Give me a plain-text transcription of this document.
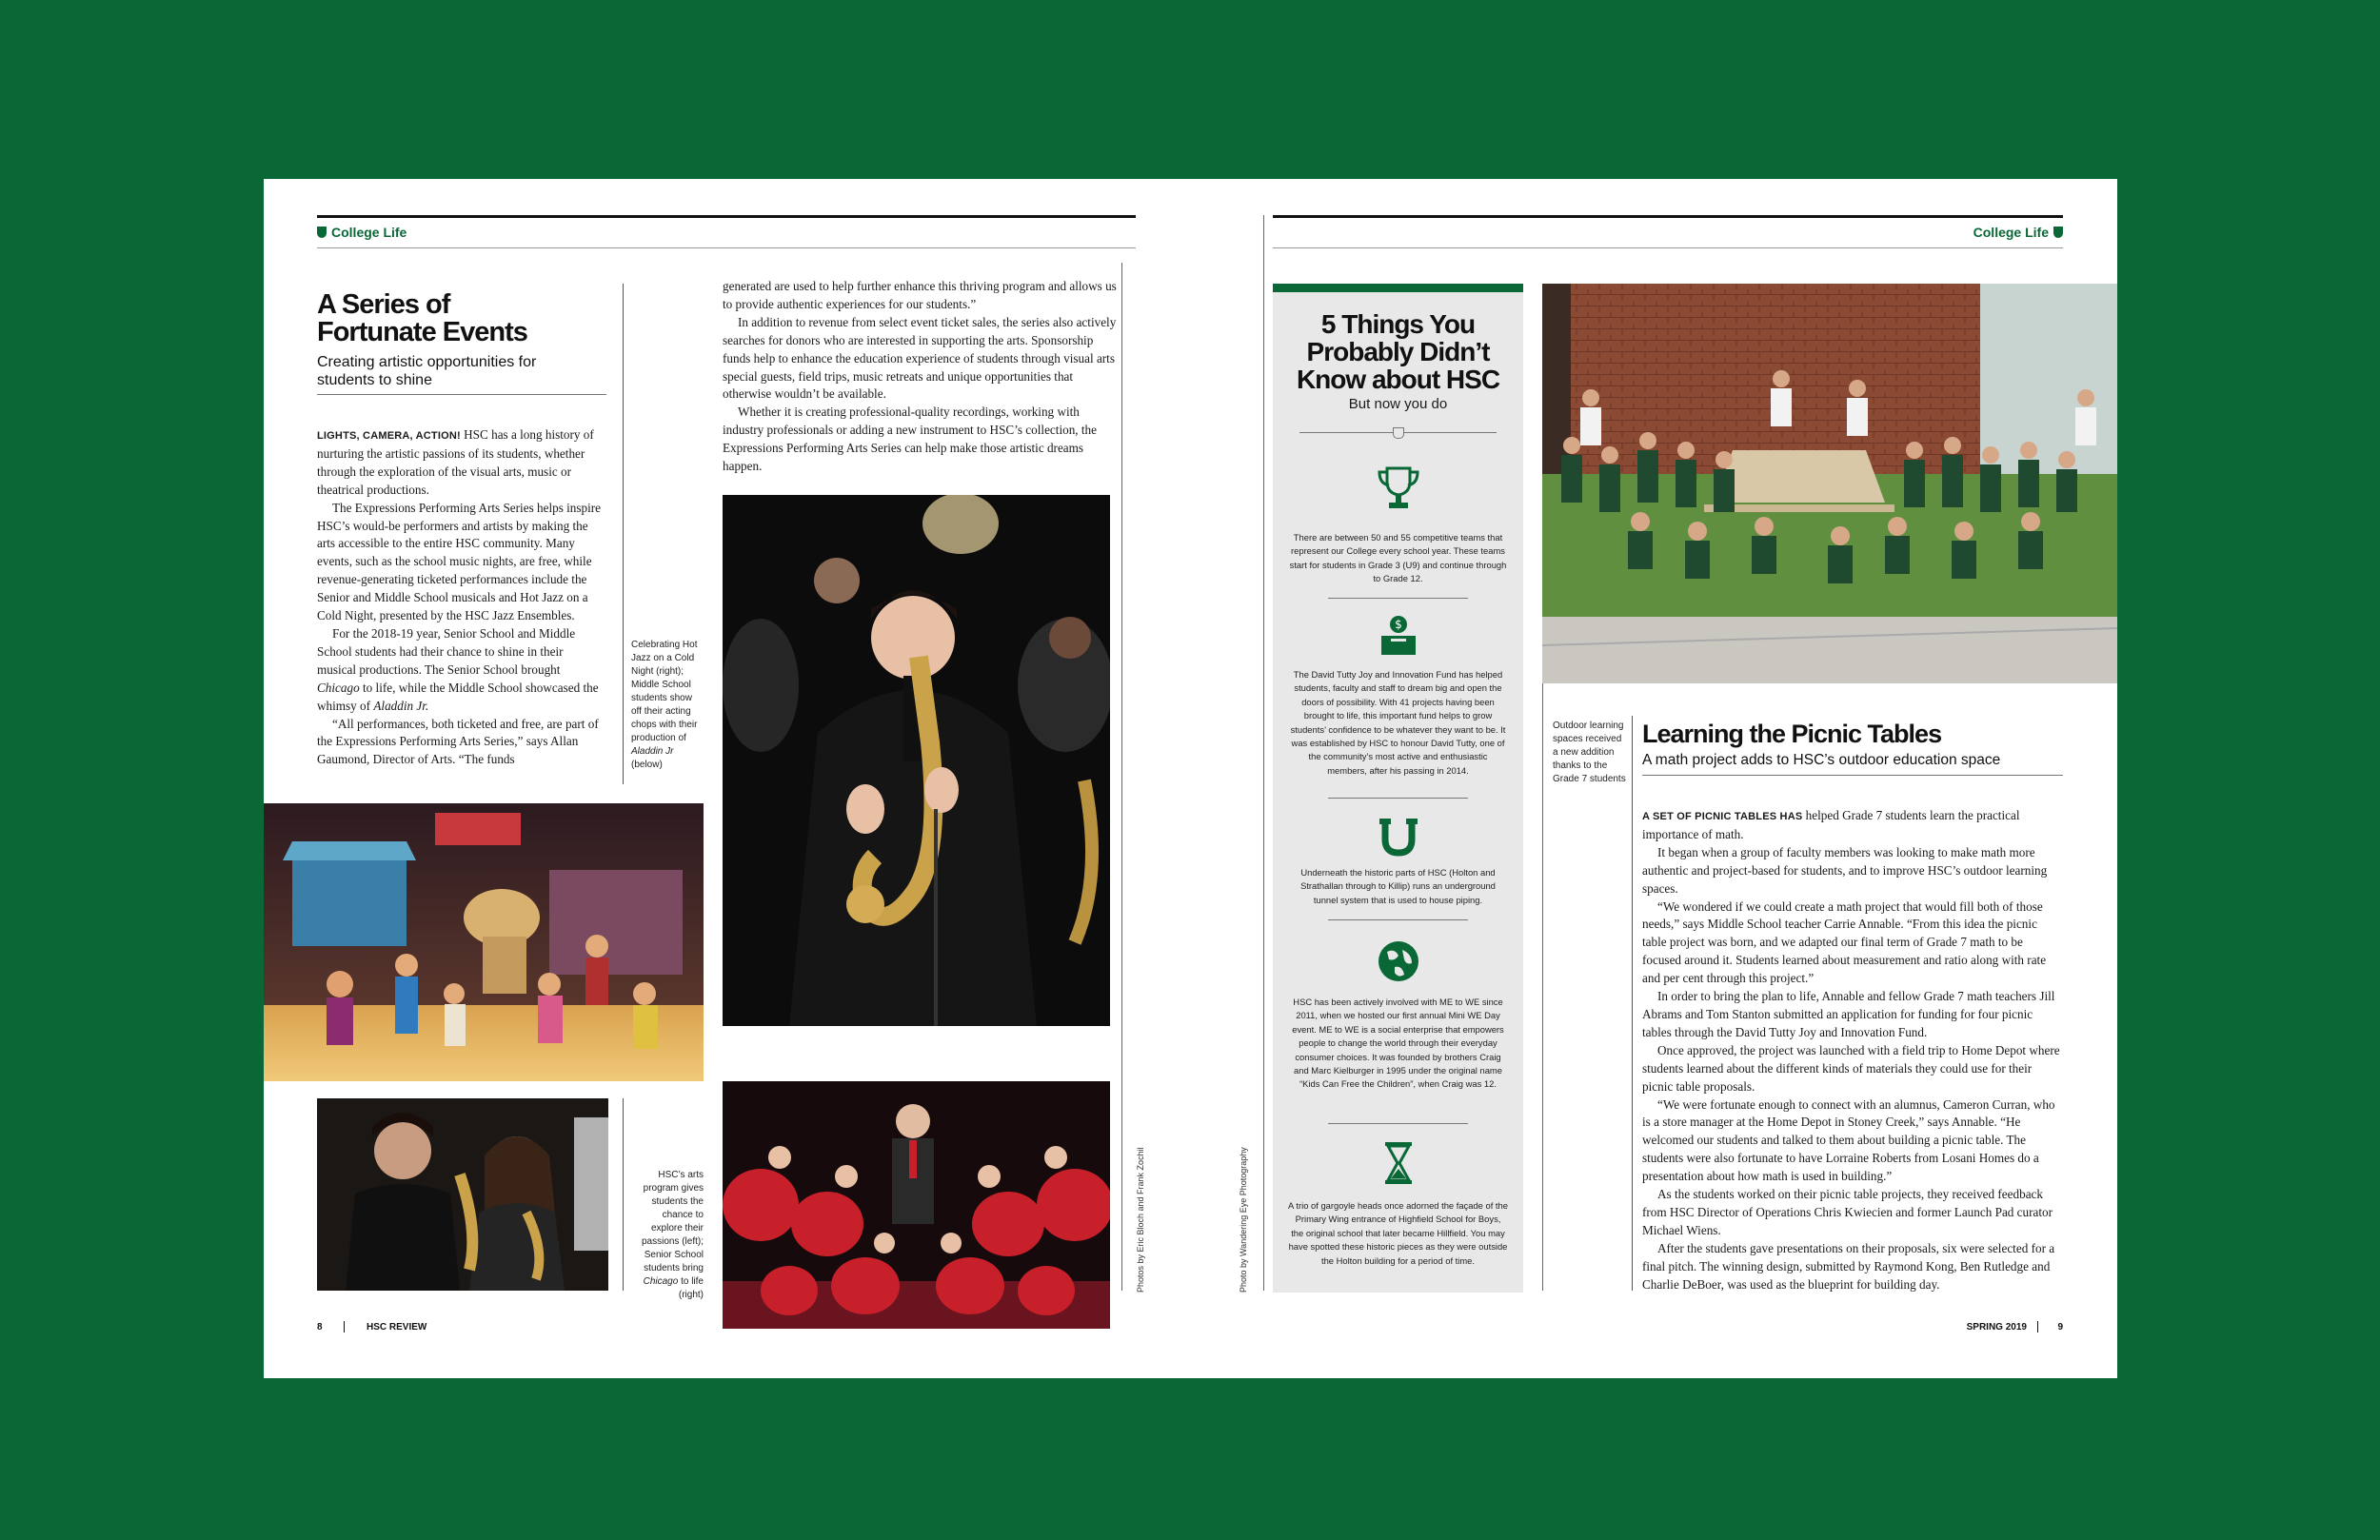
College Life
A Series of
Fortunate Events
Creating artistic opportunities for
students to shine

LIGHTS, CAMERA, ACTION! HSC has a long history of nurturing the artistic passions of its students, whether through the exploration of the visual arts, music or theatrical productions.

The Expressions Performing Arts Series helps inspire HSC’s would-be performers and artists by making the arts accessible to the entire HSC community. Many events, such as the school music nights, are free, while revenue-generating ticketed performances include the Senior and Middle School musicals and Hot Jazz on a Cold Night, presented by the HSC Jazz Ensembles.

For the 2018-19 year, Senior School and Middle School students had their chance to shine in their musical productions. The Senior School brought Chicago to life, while the Middle School showcased the whimsy of Aladdin Jr.

“All performances, both ticketed and free, are part of the Expressions Performing Arts Series,” says Allan Gaumond, Director of Arts. “The funds

Celebrating Hot Jazz on a Cold Night (right); Middle School students show off their acting chops with their production of Aladdin Jr (below)

generated are used to help further enhance this thriving program and allows us to provide authentic experiences for our students.”

In addition to revenue from select event ticket sales, the series also actively searches for donors who are interested in supporting the arts. Sponsorship funds help to enhance the education experience of students through visual arts special guests, field trips, music retreats and unique opportunities that otherwise wouldn’t be available.

Whether it is creating professional-quality recordings, working with industry professionals or adding a new instrument to HSC’s collection, the Expressions Performing Arts Series can help make those artistic dreams happen.

HSC’s arts program gives students the chance to explore their passions (left); Senior School students bring Chicago to life (right)
Photos by Eric Bloch and Frank Zochil
8	HSC REVIEW
College Life
Photo by Wandering Eye Photography
5 Things You
Probably Didn’t
Know about HSC
But now you do
There are between 50 and 55 competitive teams that represent our College every school year. These teams start for students in Grade 3 (U9) and continue through to Grade 12.
$
The David Tutty Joy and Innovation Fund has helped students, faculty and staff to dream big and open the doors of possibility. With 41 projects having been brought to life, this important fund helps to grow students’ confidence to be whatever they want to be. It was established by HSC to honour David Tutty, one of the community’s most active and enthusiastic members, after his passing in 2014.
Underneath the historic parts of HSC (Holton and Strathallan through to Killip) runs an underground tunnel system that is used to house piping.
HSC has been actively involved with ME to WE since 2011, when we hosted our first annual Mini WE Day event. ME to WE is a social enterprise that empowers people to change the world through their everyday consumer choices. It was founded by brothers Craig and Marc Kielburger in 1995 under the original name “Kids Can Free the Children”, when Craig was 12.
A trio of gargoyle heads once adorned the façade of the Primary Wing entrance of Highfield School for Boys, the original school that later became Hillfield. You may have spotted these historic pieces as they were outside the Holton building for a period of time.
Outdoor learning spaces received a new addition thanks to the Grade 7 students
Learning the Picnic Tables
A math project adds to HSC’s outdoor education space

A SET OF PICNIC TABLES HAS helped Grade 7 students learn the practical importance of math.

It began when a group of faculty members was looking to make math more authentic and project-based for students, and to improve HSC’s outdoor learning spaces.

“We wondered if we could create a math project that would fill both of those needs,” says Middle School teacher Carrie Annable. “From this idea the picnic table project was born, and we adapted our final term of Grade 7 math to be focused around it. Students learned about measurement and ratio along with rate and per cent through this project.”

In order to bring the plan to life, Annable and fellow Grade 7 math teachers Jill Abrams and Tom Stanton submitted an application for funding for four picnic tables through the David Tutty Joy and Innovation Fund.

Once approved, the project was launched with a field trip to Home Depot where students learned about the different kinds of materials they could use for their picnic table proposals.

“We were fortunate enough to connect with an alumnus, Cameron Curran, who is a store manager at the Home Depot in Stoney Creek,” says Annable. “He welcomed our students and talked to them about building a picnic table. The students were also fortunate to have Lorraine Roberts from Losani Homes do a presentation about how math is used in building.”

As the students worked on their picnic table projects, they received feedback from HSC Director of Operations Chris Kwiecien and former Launch Pad curator Michael Wiens.

After the students gave presentations on their proposals, six were selected for a final pitch. The winning design, submitted by Raymond Kong, Ben Rutledge and Charlie DeBoer, was used as the blueprint for building day.

SPRING 2019	9
